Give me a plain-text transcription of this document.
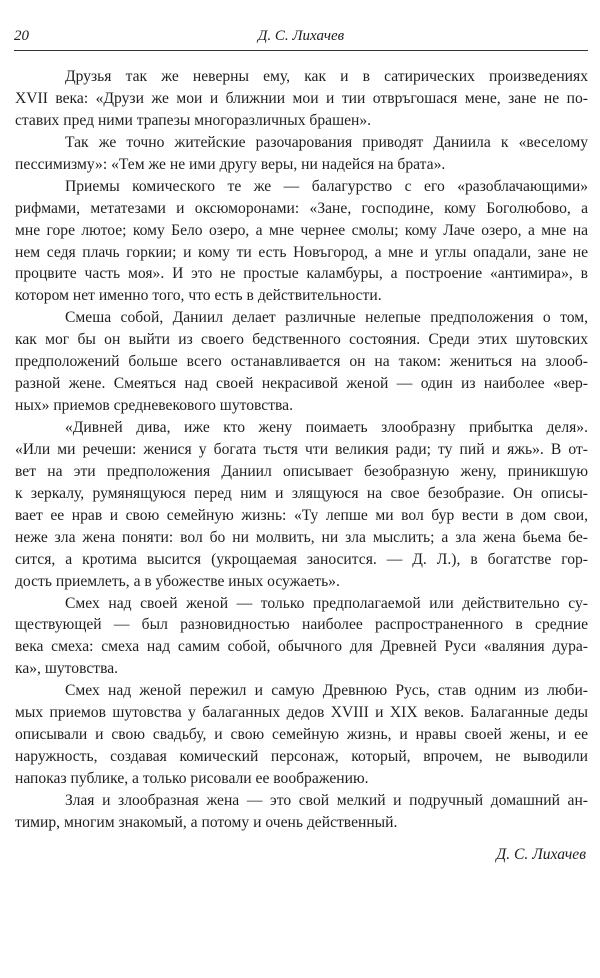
20	Д. С. Лихачев
Друзья так же неверны ему, как и в сатирических произведениях
XVII века: «Друзи же мои и ближнии мои и тии отвръгошася мене, зане не по-
ставих пред ними трапезы многоразличных брашен».
Так же точно житейские разочарования приводят Даниила к «веселому
пессимизму»: «Тем же не ими другу веры, ни надейся на брата».
Приемы комического те же — балагурство с его «разоблачающими»
рифмами, метатезами и оксюморонами: «Зане, господине, кому Боголюбово, а
мне горе лютое; кому Бело озеро, а мне чернее смолы; кому Лаче озеро, а мне на
нем седя плачь горкии; и кому ти есть Новъгород, а мне и углы опадали, зане не
процвите часть моя». И это не простые каламбуры, а построение «антимира», в
котором нет именно того, что есть в действительности.
Смеша собой, Даниил делает различные нелепые предположения о том,
как мог бы он выйти из своего бедственного состояния. Среди этих шутовских
предположений больше всего останавливается он на таком: жениться на злооб-
разной жене. Смеяться над своей некрасивой женой — один из наиболее «вер-
ных» приемов средневекового шутовства.
«Дивней дива, иже кто жену поимаеть злообразну прибытка деля».
«Или ми речеши: женися у богата тьстя чти великия ради; ту пий и яжь». В от-
вет на эти предположения Даниил описывает безобразную жену, приникшую
к зеркалу, румянящуюся перед ним и злящуюся на свое безобразие. Он описы-
вает ее нрав и свою семейную жизнь: «Ту лепше ми вол бур вести в дом свои,
неже зла жена поняти: вол бо ни молвить, ни зла мыслить; а зла жена бьема бе-
сится, а кротима высится (укрощаемая заносится. — Д. Л.), в богатстве гор-
дость приемлеть, а в убожестве иных осужаеть».
Смех над своей женой — только предполагаемой или действительно су-
ществующей — был разновидностью наиболее распространенного в средние
века смеха: смеха над самим собой, обычного для Древней Руси «валяния дура-
ка», шутовства.
Смех над женой пережил и самую Древнюю Русь, став одним из люби-
мых приемов шутовства у балаганных дедов XVIII и XIX веков. Балаганные деды
описывали и свою свадьбу, и свою семейную жизнь, и нравы своей жены, и ее
наружность, создавая комический персонаж, который, впрочем, не выводили
напоказ публике, а только рисовали ее воображению.
Злая и злообразная жена — это свой мелкий и подручный домашний ан-
тимир, многим знакомый, а потому и очень действенный.
Д. С. Лихачев
